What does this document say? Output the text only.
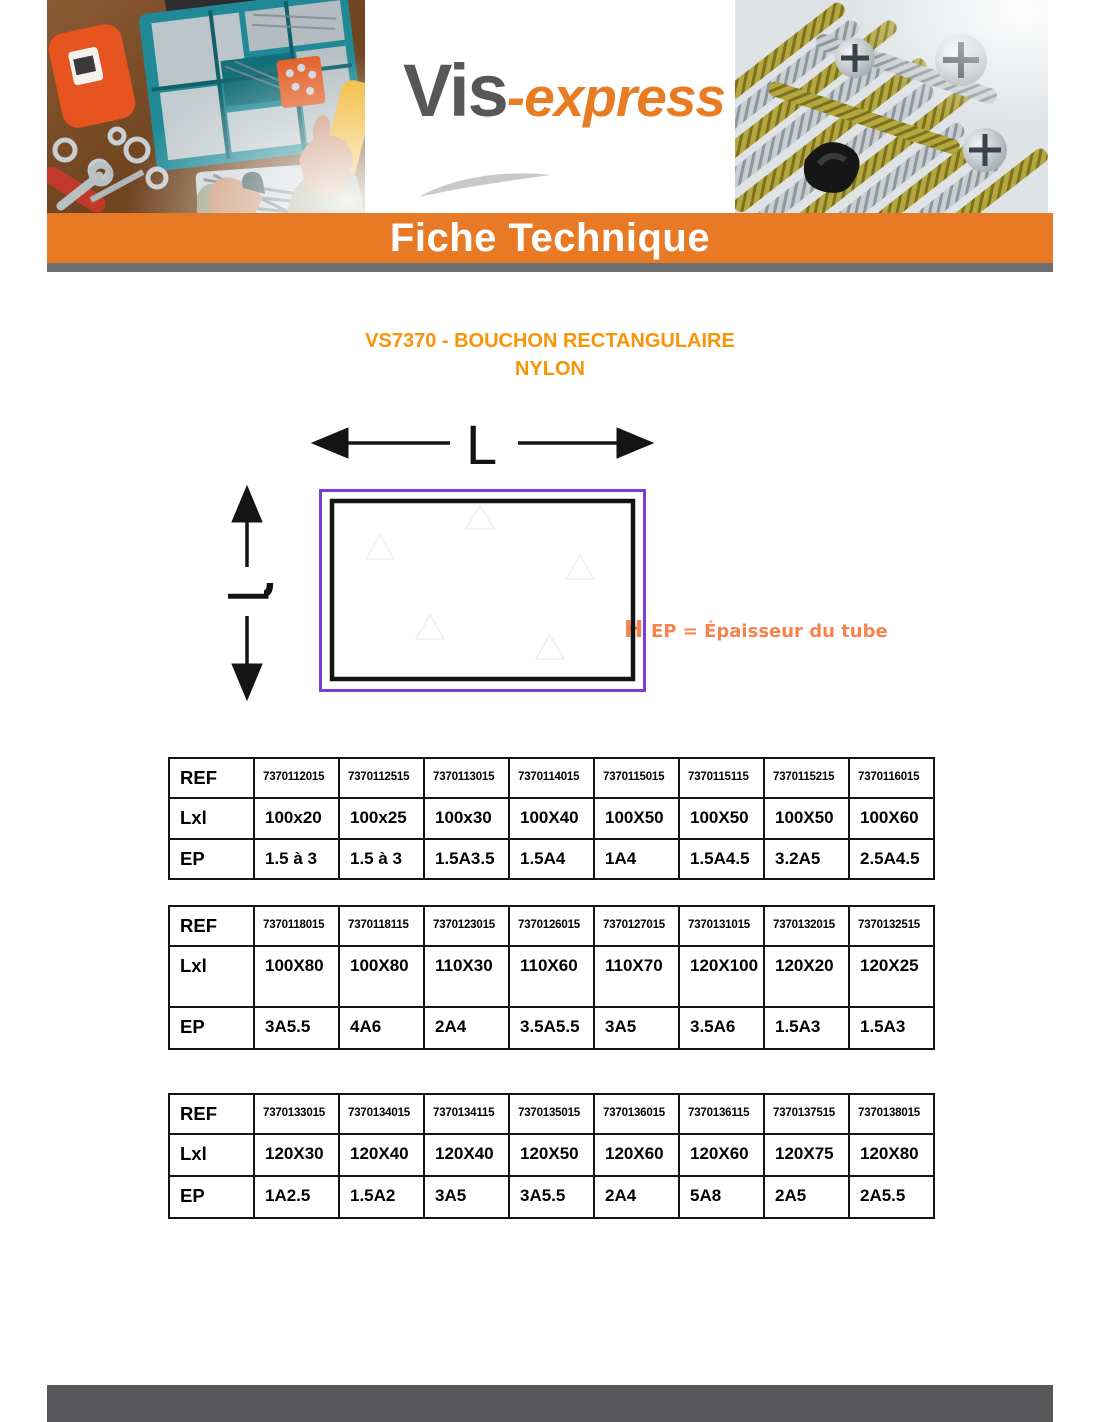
Vis-express
Fiche Technique
VS7370 - BOUCHON RECTANGULAIRE
NYLON
H
L
l
EP = Épaisseur du tube
REF	7370112015	7370112515	7370113015	7370114015	7370115015	7370115115	7370115215	7370116015
Lxl	100x20	100x25	100x30	100X40	100X50	100X50	100X50	100X60
EP	1.5 à 3	1.5 à 3	1.5A3.5	1.5A4	1A4	1.5A4.5	3.2A5	2.5A4.5
REF	7370118015	7370118115	7370123015	7370126015	7370127015	7370131015	7370132015	7370132515
Lxl	100X80	100X80	110X30	110X60	110X70	120X100	120X20	120X25
EP	3A5.5	4A6	2A4	3.5A5.5	3A5	3.5A6	1.5A3	1.5A3
REF	7370133015	7370134015	7370134115	7370135015	7370136015	7370136115	7370137515	7370138015
Lxl	120X30	120X40	120X40	120X50	120X60	120X60	120X75	120X80
EP	1A2.5	1.5A2	3A5	3A5.5	2A4	5A8	2A5	2A5.5
